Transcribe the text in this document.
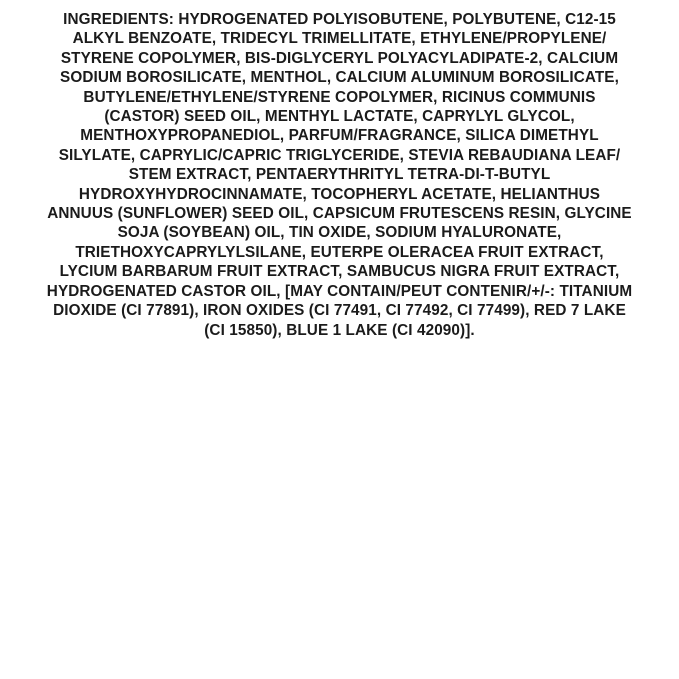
INGREDIENTS: HYDROGENATED POLYISOBUTENE, POLYBUTENE, C12-15
ALKYL BENZOATE, TRIDECYL TRIMELLITATE, ETHYLENE/PROPYLENE/
STYRENE COPOLYMER, BIS-DIGLYCERYL POLYACYLADIPATE-2, CALCIUM
SODIUM BOROSILICATE, MENTHOL, CALCIUM ALUMINUM BOROSILICATE,
BUTYLENE/ETHYLENE/STYRENE COPOLYMER, RICINUS COMMUNIS
(CASTOR) SEED OIL, MENTHYL LACTATE, CAPRYLYL GLYCOL,
MENTHOXYPROPANEDIOL, PARFUM/FRAGRANCE, SILICA DIMETHYL
SILYLATE, CAPRYLIC/CAPRIC TRIGLYCERIDE, STEVIA REBAUDIANA LEAF/
STEM EXTRACT, PENTAERYTHRITYL TETRA-DI-T-BUTYL
HYDROXYHYDROCINNAMATE, TOCOPHERYL ACETATE, HELIANTHUS
ANNUUS (SUNFLOWER) SEED OIL, CAPSICUM FRUTESCENS RESIN, GLYCINE
SOJA (SOYBEAN) OIL, TIN OXIDE, SODIUM HYALURONATE,
TRIETHOXYCAPRYLYLSILANE, EUTERPE OLERACEA FRUIT EXTRACT,
LYCIUM BARBARUM FRUIT EXTRACT, SAMBUCUS NIGRA FRUIT EXTRACT,
HYDROGENATED CASTOR OIL, [MAY CONTAIN/PEUT CONTENIR/+/-: TITANIUM
DIOXIDE (CI 77891), IRON OXIDES (CI 77491, CI 77492, CI 77499), RED 7 LAKE
(CI 15850), BLUE 1 LAKE (CI 42090)].
